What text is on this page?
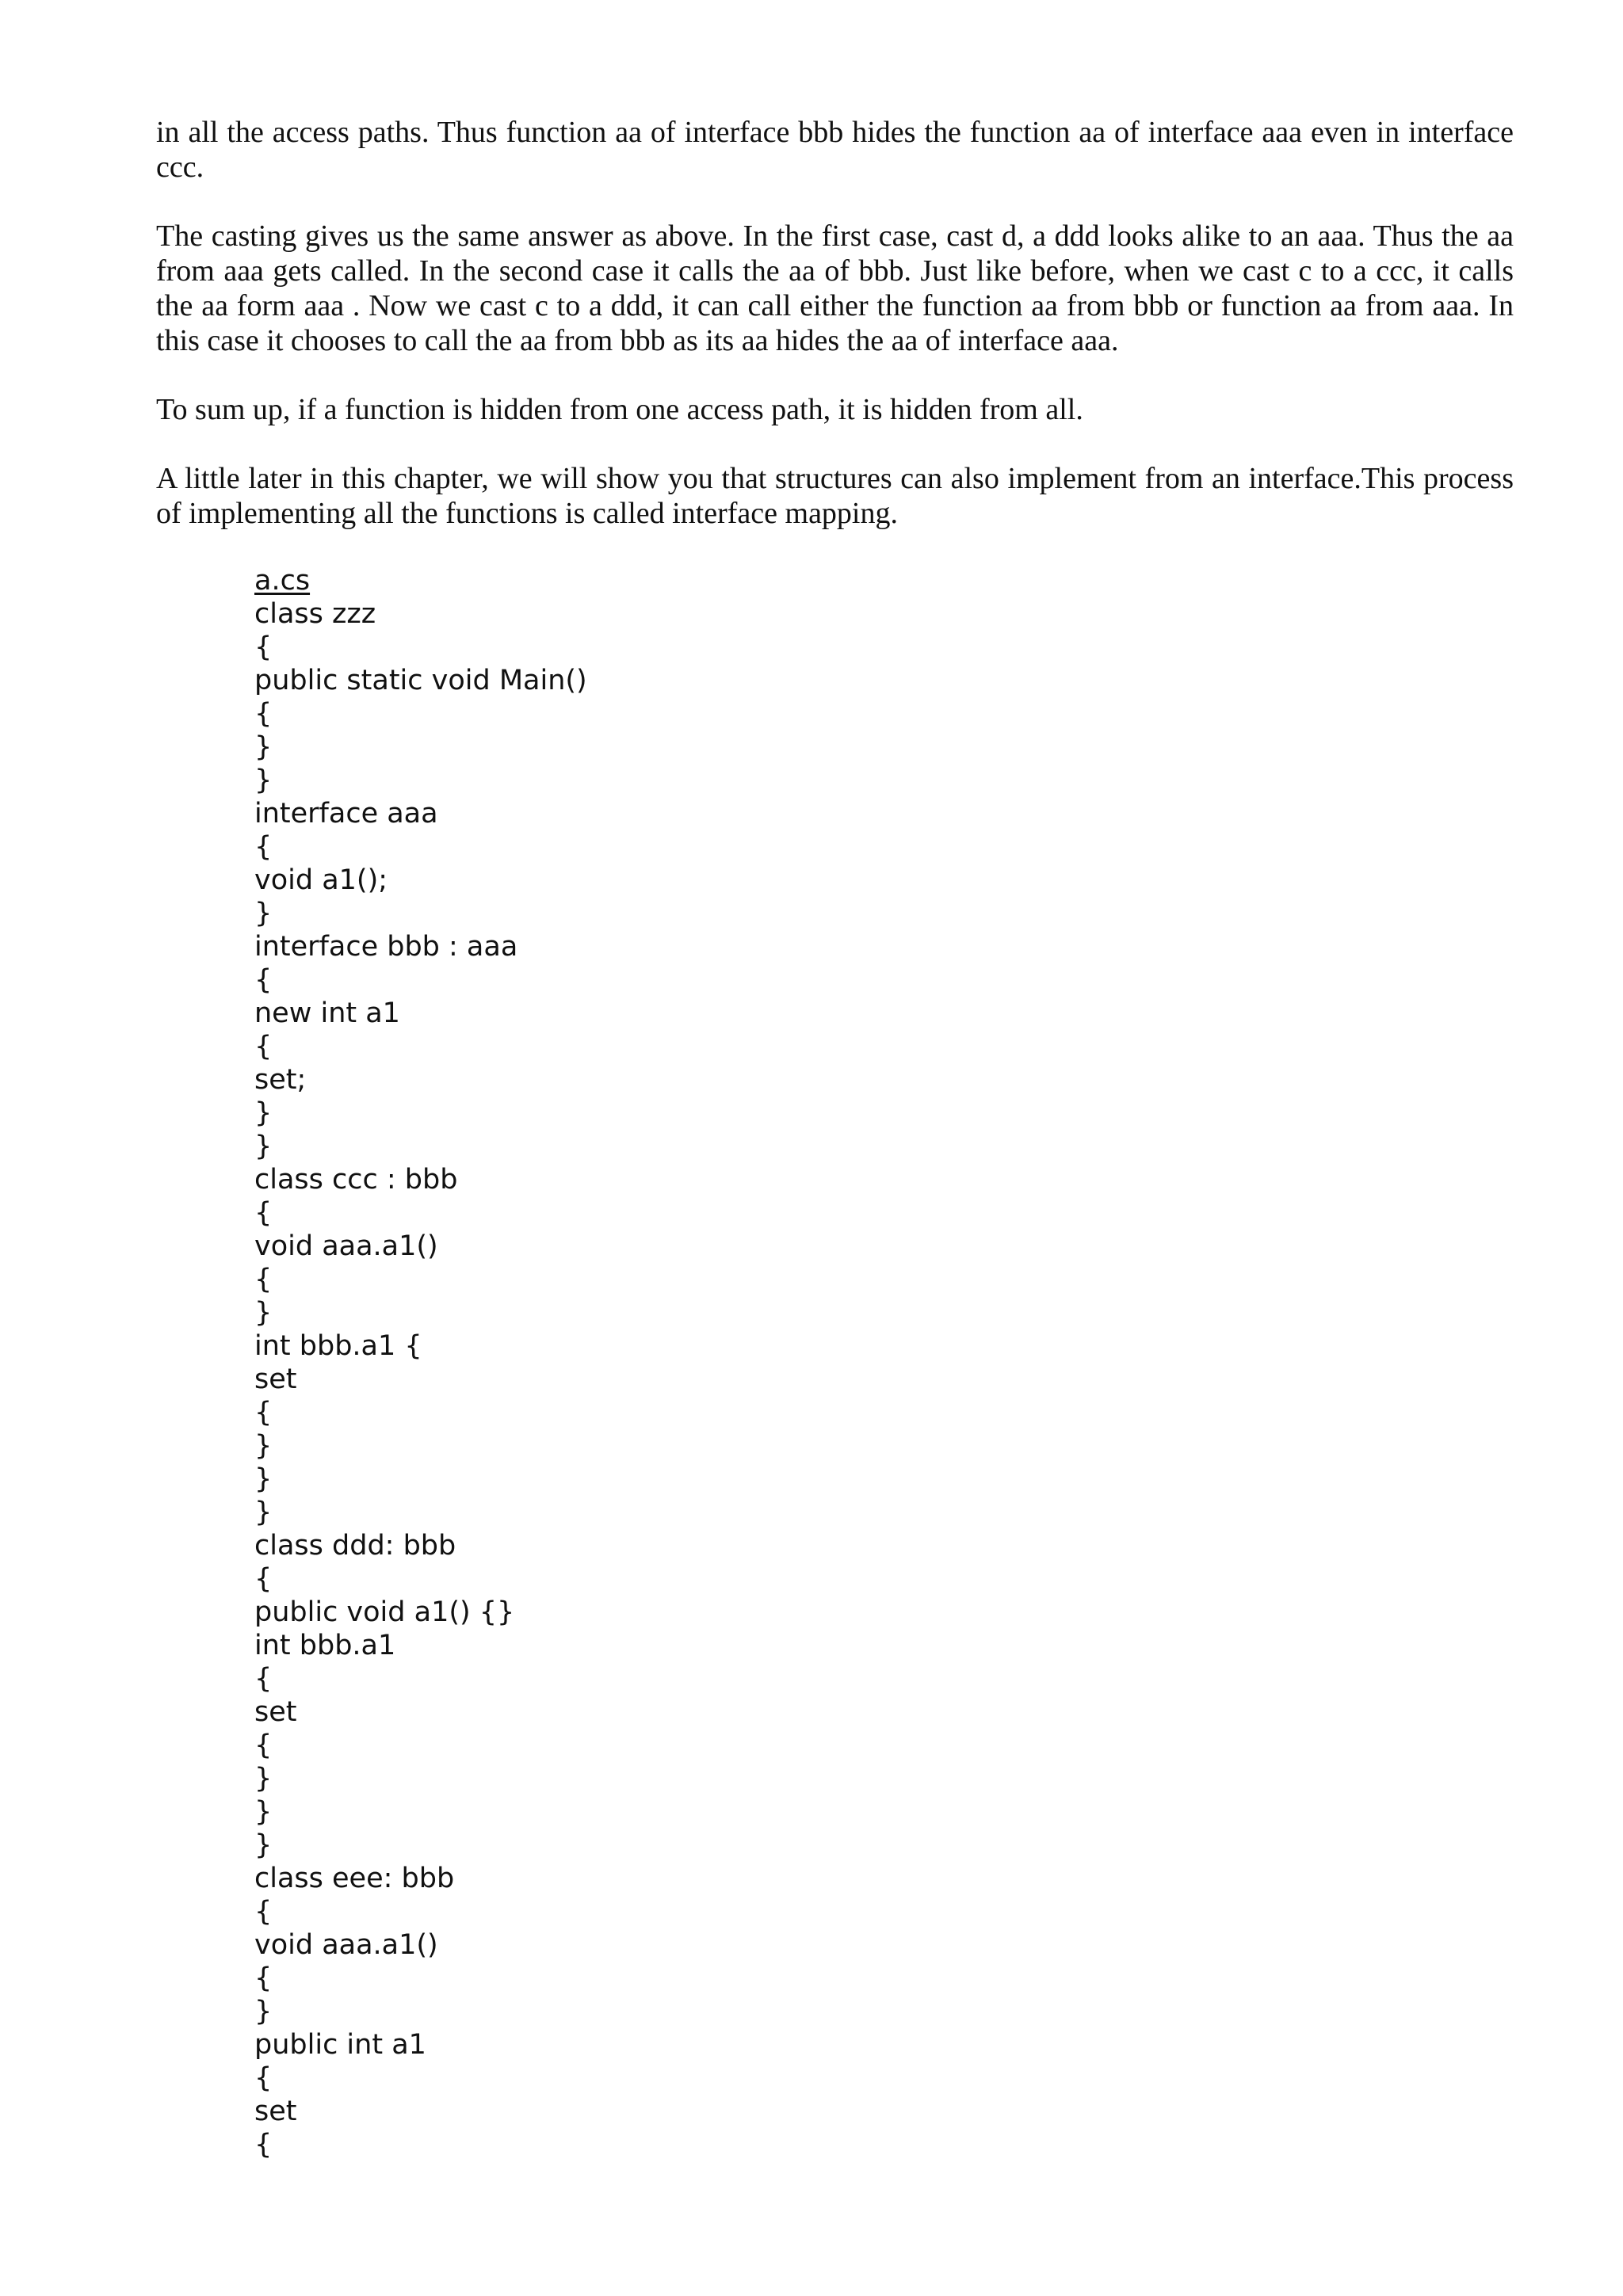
in all the access paths. Thus function aa of interface bbb hides the function aa of interface aaa even in interface ccc.

The casting gives us the same answer as above. In the first case, cast d, a ddd looks alike to an aaa. Thus the aa from aaa gets called. In the second case it calls the aa of bbb. Just like before, when we cast c to a ccc, it calls the aa form aaa . Now we cast c to a ddd, it can call either the function aa from bbb or function aa from aaa. In this case it chooses to call the aa from bbb as its aa hides the aa of interface aaa.

To sum up, if a function is hidden from one access path, it is hidden from all.

A little later in this chapter, we will show you that structures can also implement from an interface.This process of implementing all the functions is called interface mapping.

a.cs
class zzz
{
public static void Main()
{
}
}
interface aaa
{
void a1();
}
interface bbb : aaa
{
new int a1
{
set;
}
}
class ccc : bbb
{
void aaa.a1()
{
}
int bbb.a1 {
set
{
}
}
}
class ddd: bbb
{
public void a1() {}
int bbb.a1
{
set
{
}
}
}
class eee: bbb
{
void aaa.a1()
{
}
public int a1
{
set
{
